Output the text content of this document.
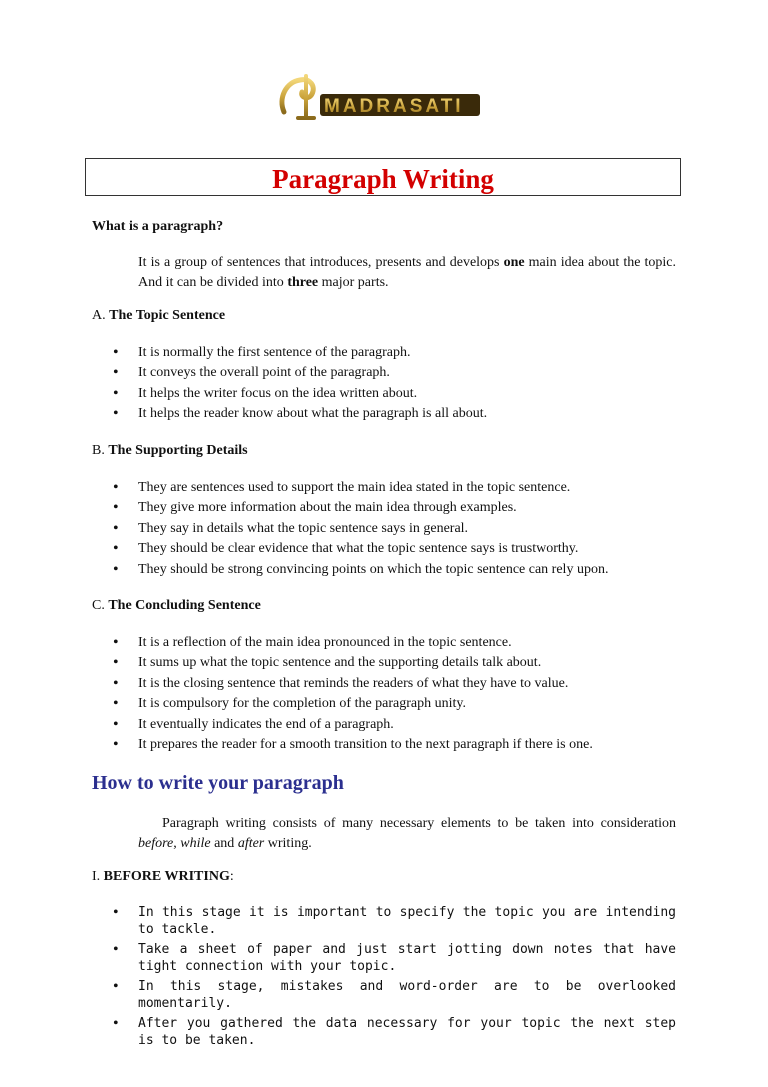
MADRASATI
Paragraph Writing
What is a paragraph?
It is a group of sentences that introduces, presents and develops one main idea about the topic. And it can be divided into three major parts.
A. The Topic Sentence
• It is normally the first sentence of the paragraph.
• It conveys the overall point of the paragraph.
• It helps the writer focus on the idea written about.
• It helps the reader know about what the paragraph is all about.
B. The Supporting Details
• They are sentences used to support the main idea stated in the topic sentence.
• They give more information about the main idea through examples.
• They say in details what the topic sentence says in general.
• They should be clear evidence that what the topic sentence says is trustworthy.
• They should be strong convincing points on which the topic sentence can rely upon.
C. The Concluding Sentence
• It is a reflection of the main idea pronounced in the topic sentence.
• It sums up what the topic sentence and the supporting details talk about.
• It is the closing sentence that reminds the readers of what they have to value.
• It is compulsory for the completion of the paragraph unity.
• It eventually indicates the end of a paragraph.
• It prepares the reader for a smooth transition to the next paragraph if there is one.
How to write your paragraph
Paragraph writing consists of many necessary elements to be taken into consideration before, while and after writing.
I. BEFORE WRITING:
• In this stage it is important to specify the topic you are intending to tackle.
• Take a sheet of paper and just start jotting down notes that have tight connection with your topic.
• In this stage, mistakes and word-order are to be overlooked momentarily.
• After you gathered the data necessary for your topic the next step is to be taken.
